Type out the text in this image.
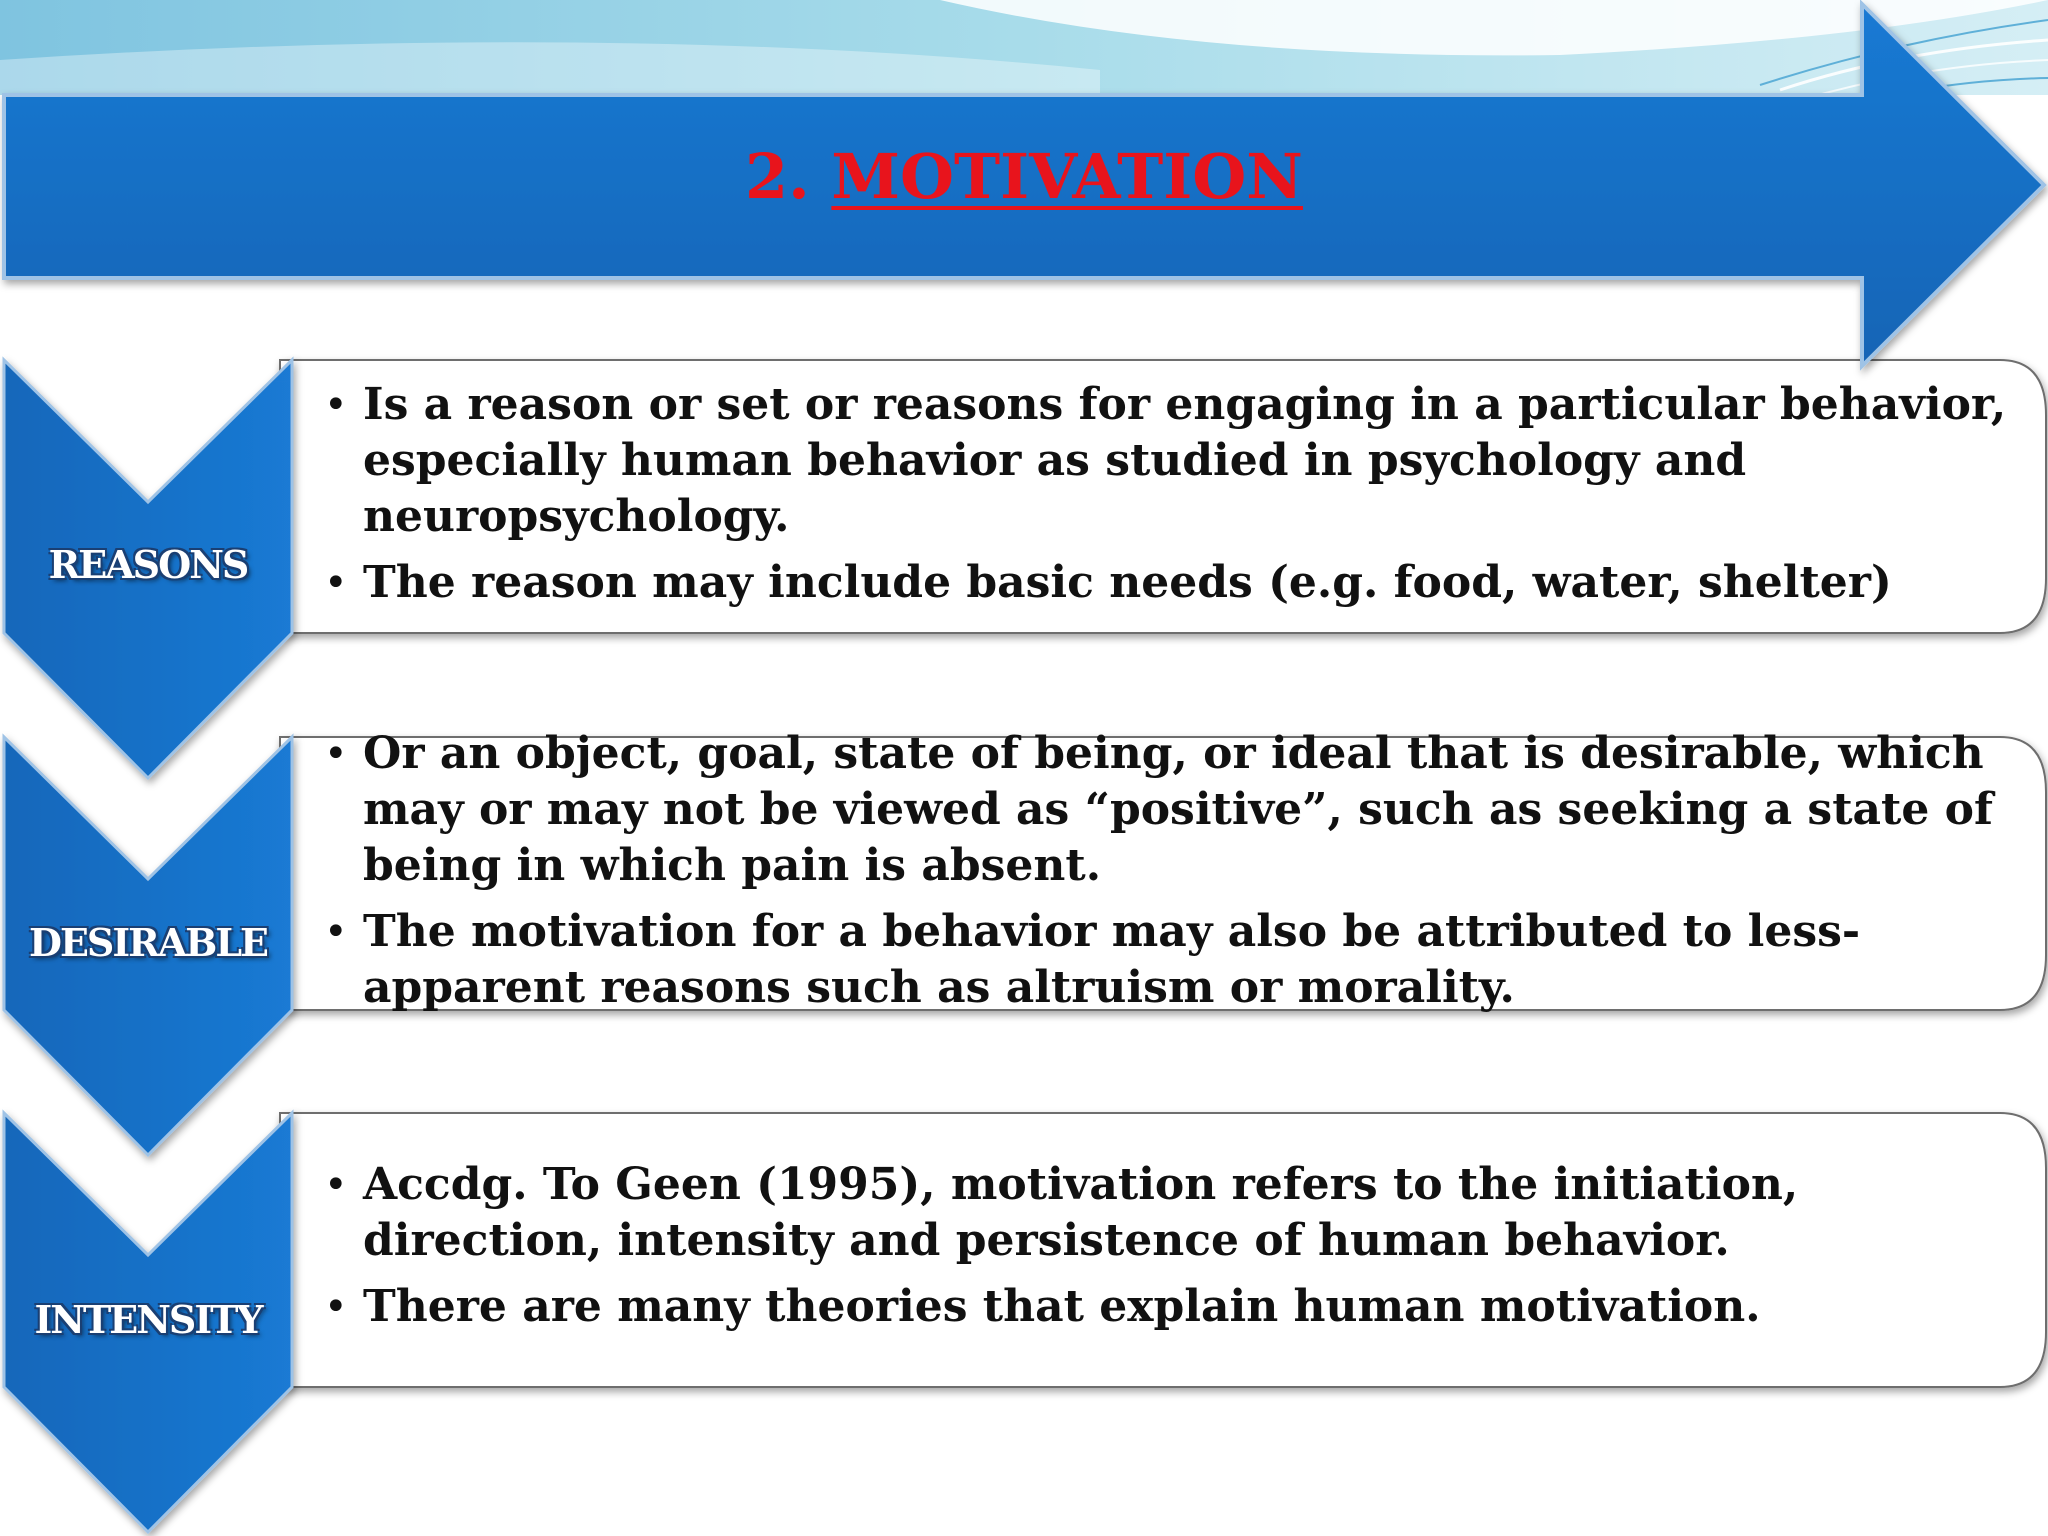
2. MOTIVATION
REASONS
DESIRABLE
INTENSITY
• Is a reason or set or reasons for engaging in a particular behavior, especially human behavior as studied in psychology and neuropsychology.
• The reason may include basic needs (e.g. food, water, shelter)
• Or an object, goal, state of being, or ideal that is desirable, which may or may not be viewed as “positive”, such as seeking a state of being in which pain is absent.
• The motivation for a behavior may also be attributed to less-apparent reasons such as altruism or morality.
• Accdg. To Geen (1995), motivation refers to the initiation, direction, intensity and persistence of human behavior.
• There are many theories that explain human motivation.
